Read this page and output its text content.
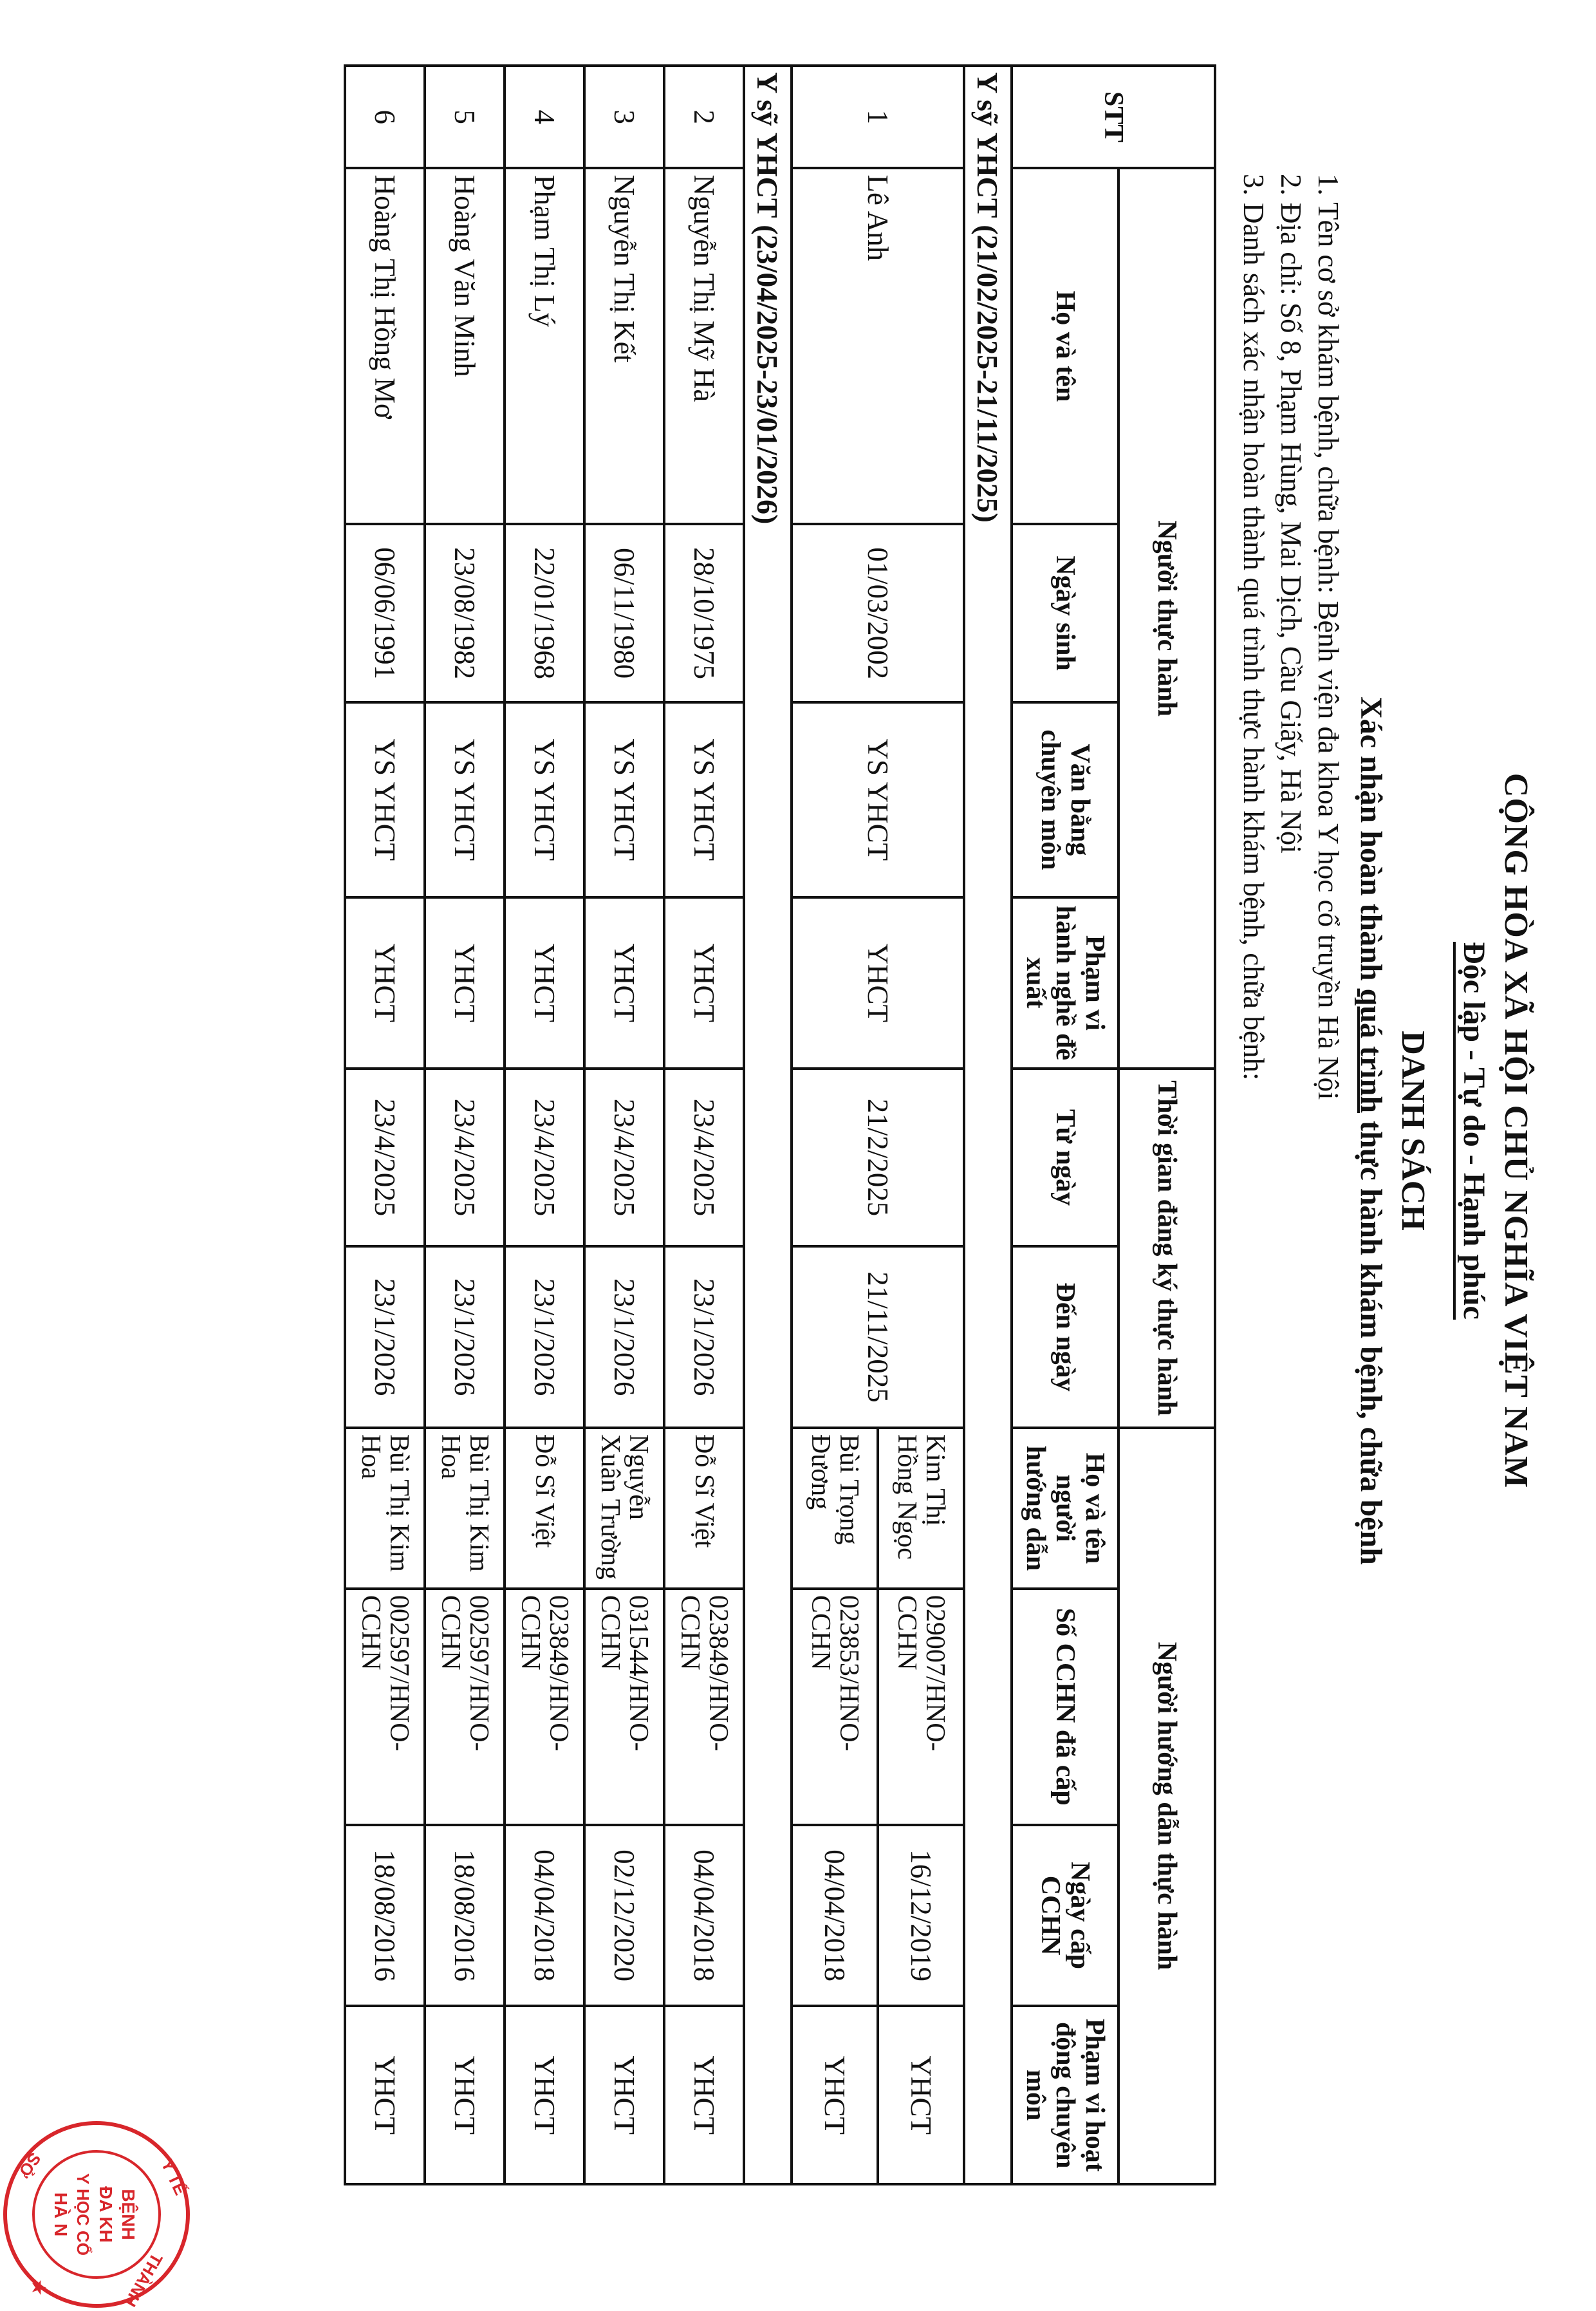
CỘNG HÒA XÃ HỘI CHỦ NGHĨA VIỆT NAM
Độc lập - Tự do - Hạnh phúc
DANH SÁCH
Xác nhận hoàn thành quá trình thực hành khám bệnh, chữa bệnh
1. Tên cơ sở khám bệnh, chữa bệnh: Bệnh viện đa khoa Y học cổ truyền Hà Nội
2. Địa chỉ: Số 8, Phạm Hùng, Mai Dịch, Cầu Giấy, Hà Nội
3. Danh sách xác nhận hoàn thành quá trình thực hành khám bệnh, chữa bệnh:
STT	Người thực hành				Thời gian đăng ký thực hành		Người hướng dẫn thực hành			
	Họ và tên	Ngày sinh	Văn bằng chuyên môn	Phạm vi hành nghề đề xuất	Từ ngày	Đến ngày	Họ và tên người hướng dẫn	Số CCHN đã cấp	Ngày cấp CCHN	Phạm vi hoạt động chuyên môn
Y sỹ YHCT (21/02/2025-21/11/2025)										
1	Lê Anh	01/03/2002	YS YHCT	YHCT	21/2/2025	21/11/2025	Kim Thị Hồng Ngọc	029007/HNO-CCHN	16/12/2019	YHCT
							Bùi Trọng Đương	023853/HNO-CCHN	04/04/2018	YHCT
Y sỹ YHCT (23/04/2025-23/01/2026)										
2	Nguyễn Thị Mỹ Hà	28/10/1975	YS YHCT	YHCT	23/4/2025	23/1/2026	Đỗ Sĩ Việt	023849/HNO-CCHN	04/04/2018	YHCT
3	Nguyễn Thị Kết	06/11/1980	YS YHCT	YHCT	23/4/2025	23/1/2026	Nguyễn Xuân Trường	031544/HNO-CCHN	02/12/2020	YHCT
4	Phạm Thị Lý	22/01/1968	YS YHCT	YHCT	23/4/2025	23/1/2026	Đỗ Sĩ Việt	023849/HNO-CCHN	04/04/2018	YHCT
5	Hoàng Văn Minh	23/08/1982	YS YHCT	YHCT	23/4/2025	23/1/2026	Bùi Thị Kim Hoa	002597/HNO-CCHN	18/08/2016	YHCT
6	Hoàng Thị Hồng Mơ	06/06/1991	YS YHCT	YHCT	23/4/2025	23/1/2026	Bùi Thị Kim Hoa	002597/HNO-CCHN	18/08/2016	YHCT
THÀNH
Y TẾ
SỞ
BỆNH
ĐA KH
Y HỌC CỔ
HÀ N
★
